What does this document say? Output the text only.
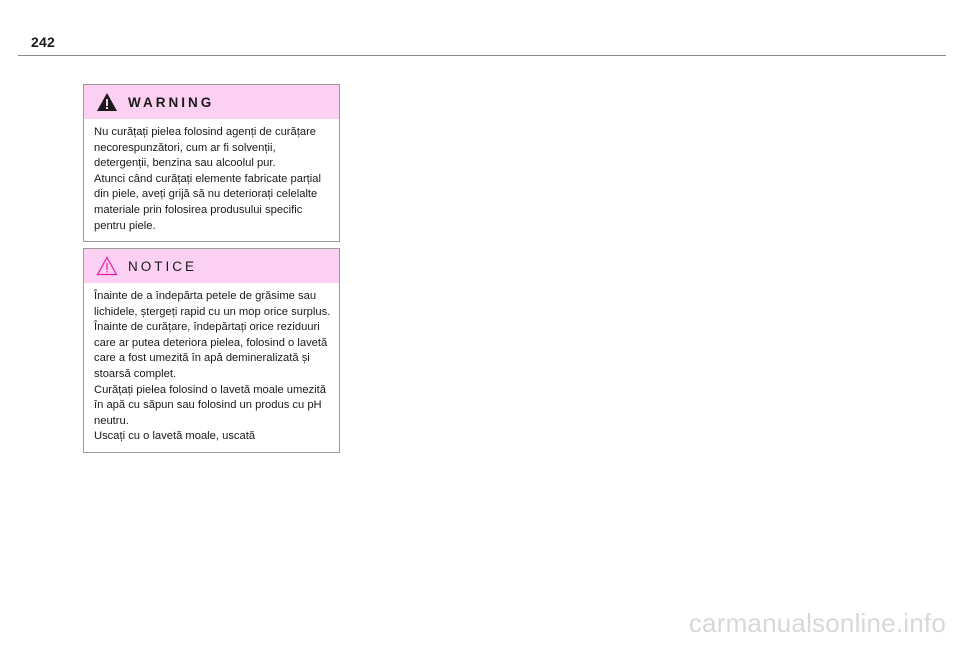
242
WARNING

Nu curățați pielea folosind agenți de curățare necorespunzători, cum ar fi solvenții, detergenții, benzina sau alcoolul pur.

Atunci când curățați elemente fabricate parțial din piele, aveți grijă să nu deteriorați celelalte materiale prin folosirea produsului specific pentru piele.

NOTICE

Înainte de a îndepărta petele de grăsime sau lichidele, ștergeți rapid cu un mop orice surplus.

Înainte de curățare, îndepărtați orice reziduuri care ar putea deteriora pielea, folosind o lavetă care a fost umezită în apă demineralizată și stoarsă complet.

Curățați pielea folosind o lavetă moale umezită în apă cu săpun sau folosind un produs cu pH neutru.

Uscați cu o lavetă moale, uscată

carmanualsonline.info
